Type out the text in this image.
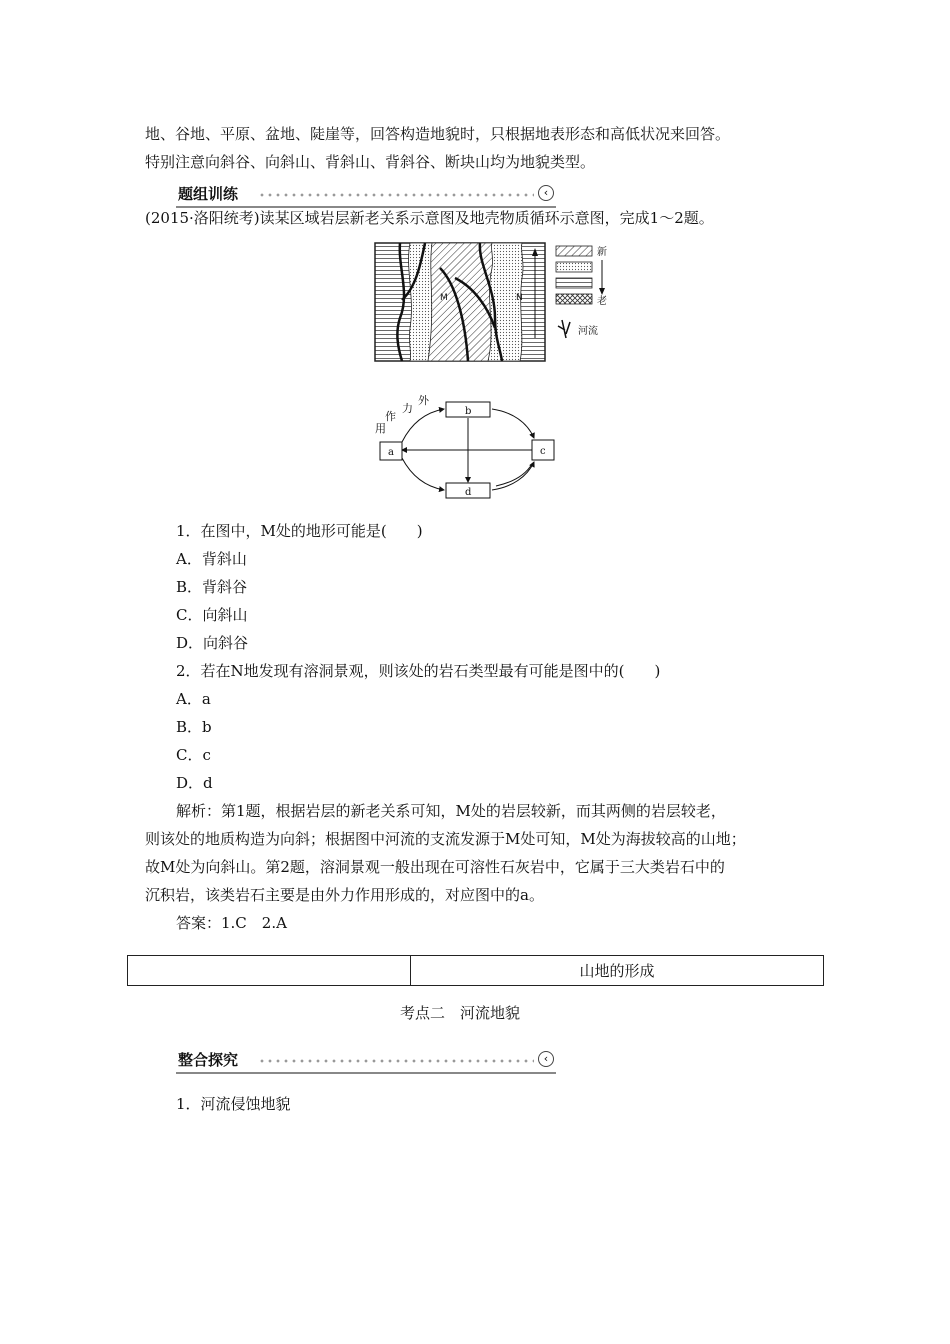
地、谷地、平原、盆地、陡崖等，回答构造地貌时，只根据地表形态和高低状况来回答。
特别注意向斜谷、向斜山、背斜山、背斜谷、断块山均为地貌类型。
题组训练	‹
(2015·洛阳统考)读某区域岩层新老关系示意图及地壳物质循环示意图，完成1～2题。
M	N
新
老
河流
b
a	c
d
外
力
作
用
1．在图中，M处的地形可能是(　　)
A．背斜山
B．背斜谷
C．向斜山
D．向斜谷
2．若在N地发现有溶洞景观，则该处的岩石类型最有可能是图中的(　　)
A．a
B．b
C．c
D．d
解析：第1题，根据岩层的新老关系可知，M处的岩层较新，而其两侧的岩层较老，
则该处的地质构造为向斜；根据图中河流的支流发源于M处可知，M处为海拔较高的山地；
故M处为向斜山。第2题，溶洞景观一般出现在可溶性石灰岩中，它属于三大类岩石中的
沉积岩，该类岩石主要是由外力作用形成的，对应图中的a。
答案：1.C　2.A
	山地的形成
考点二　河流地貌
整合探究	‹
1．河流侵蚀地貌
